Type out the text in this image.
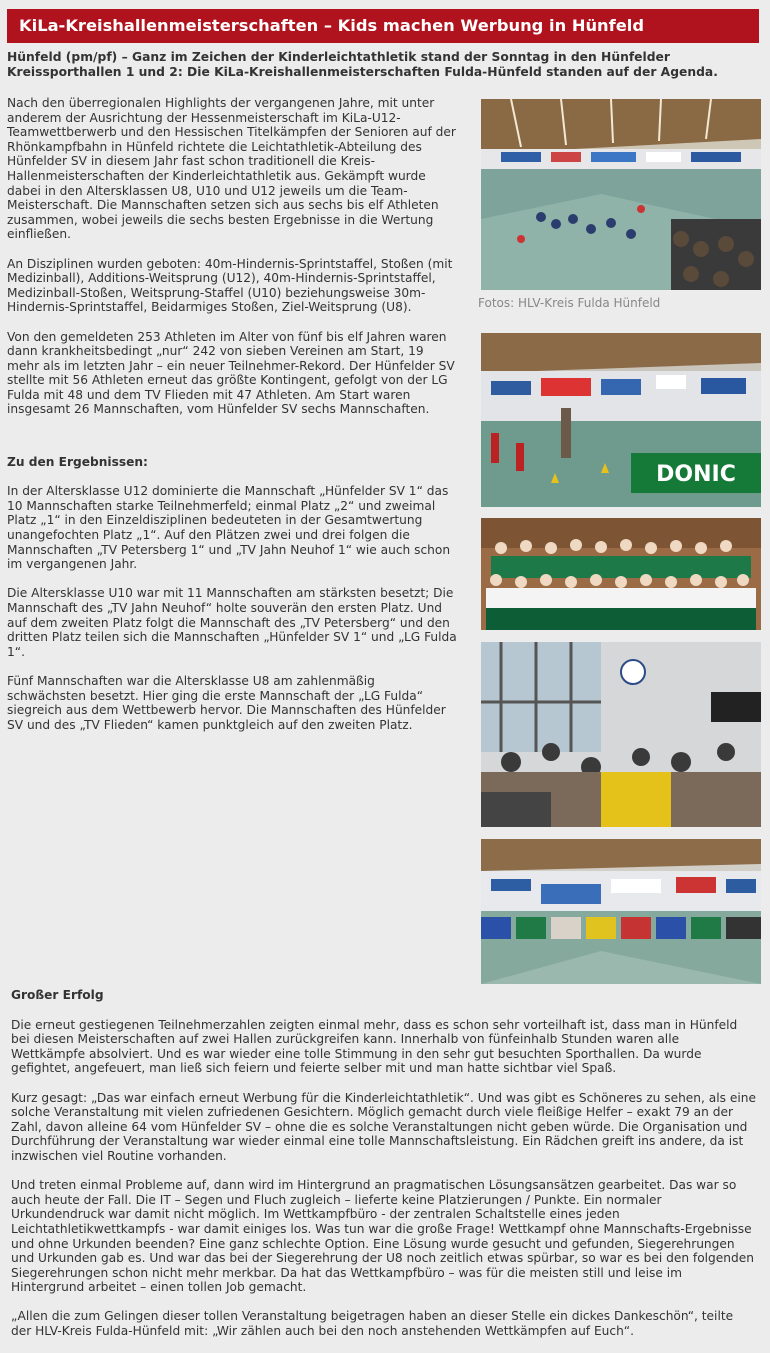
KiLa-Kreishallenmeisterschaften – Kids machen Werbung in Hünfeld
Hünfeld (pm/pf) – Ganz im Zeichen der Kinderleichtathletik stand der Sonntag in den Hünfelder Kreissporthallen 1 und 2: Die KiLa-Kreishallenmeisterschaften Fulda-Hünfeld standen auf der Agenda.

Nach den überregionalen Highlights der vergangenen Jahre, mit unter anderem der Ausrichtung der Hessenmeisterschaft im KiLa-U12-Teamwettberwerb und den Hessischen Titelkämpfen der Senioren auf der Rhönkampfbahn in Hünfeld richtete die Leichtathletik-Abteilung des Hünfelder SV in diesem Jahr fast schon traditionell die Kreis-Hallenmeisterschaften der Kinderleichtathletik aus. Gekämpft wurde dabei in den Altersklassen U8, U10 und U12 jeweils um die Team-Meisterschaft. Die Mannschaften setzen sich aus sechs bis elf Athleten zusammen, wobei jeweils die sechs besten Ergebnisse in die Wertung einfließen.

An Disziplinen wurden geboten: 40m-Hindernis-Sprintstaffel, Stoßen (mit Medizinball), Additions-Weitsprung (U12), 40m-Hindernis-Sprintstaffel, Medizinball-Stoßen, Weitsprung-Staffel (U10) beziehungsweise 30m-Hindernis-Sprintstaffel, Beidarmiges Stoßen, Ziel-Weitsprung (U8).

Von den gemeldeten 253 Athleten im Alter von fünf bis elf Jahren waren dann krankheitsbedingt „nur“ 242 von sieben Vereinen am Start, 19 mehr als im letzten Jahr – ein neuer Teilnehmer-Rekord. Der Hünfelder SV stellte mit 56 Athleten erneut das größte Kontingent, gefolgt von der LG Fulda mit 48 und dem TV Flieden mit 47 Athleten. Am Start waren insgesamt 26 Mannschaften, vom Hünfelder SV sechs Mannschaften.

Zu den Ergebnissen:

In der Altersklasse U12 dominierte die Mannschaft „Hünfelder SV 1“ das 10 Mannschaften starke Teilnehmerfeld; einmal Platz „2“ und zweimal Platz „1“ in den Einzeldisziplinen bedeuteten in der Gesamtwertung unangefochten Platz „1“. Auf den Plätzen zwei und drei folgen die Mannschaften „TV Petersberg 1“ und „TV Jahn Neuhof 1“ wie auch schon im vergangenen Jahr.

Die Altersklasse U10 war mit 11 Mannschaften am stärksten besetzt; Die Mannschaft des „TV Jahn Neuhof“ holte souverän den ersten Platz. Und auf dem zweiten Platz folgt die Mannschaft des „TV Petersberg“ und den dritten Platz teilen sich die Mannschaften „Hünfelder SV 1“ und „LG Fulda 1“.

Fünf Mannschaften war die Altersklasse U8 am zahlenmäßig schwächsten besetzt. Hier ging die erste Mannschaft der „LG Fulda“ siegreich aus dem Wettbewerb hervor. Die Mannschaften des Hünfelder SV und des „TV Flieden“ kamen punktgleich auf den zweiten Platz.

Fotos: HLV-Kreis Fulda Hünfeld
DONIC

Großer Erfolg

Die erneut gestiegenen Teilnehmerzahlen zeigten einmal mehr, dass es schon sehr vorteilhaft ist, dass man in Hünfeld bei diesen Meisterschaften auf zwei Hallen zurückgreifen kann. Innerhalb von fünfeinhalb Stunden waren alle Wettkämpfe absolviert. Und es war wieder eine tolle Stimmung in den sehr gut besuchten Sporthallen. Da wurde gefightet, angefeuert, man ließ sich feiern und feierte selber mit und man hatte sichtbar viel Spaß.

Kurz gesagt: „Das war einfach erneut Werbung für die Kinderleichtathletik“. Und was gibt es Schöneres zu sehen, als eine solche Veranstaltung mit vielen zufriedenen Gesichtern. Möglich gemacht durch viele fleißige Helfer – exakt 79 an der Zahl, davon alleine 64 vom Hünfelder SV – ohne die es solche Veranstaltungen nicht geben würde. Die Organisation und Durchführung der Veranstaltung war wieder einmal eine tolle Mannschaftsleistung. Ein Rädchen greift ins andere, da ist inzwischen viel Routine vorhanden.

Und treten einmal Probleme auf, dann wird im Hintergrund an pragmatischen Lösungsansätzen gearbeitet. Das war so auch heute der Fall. Die IT – Segen und Fluch zugleich – lieferte keine Platzierungen / Punkte. Ein normaler Urkundendruck war damit nicht möglich. Im Wettkampfbüro - der zentralen Schaltstelle eines jeden Leichtathletikwettkampfs - war damit einiges los. Was tun war die große Frage! Wettkampf ohne Mannschafts-Ergebnisse und ohne Urkunden beenden? Eine ganz schlechte Option. Eine Lösung wurde gesucht und gefunden, Siegerehrungen und Urkunden gab es. Und war das bei der Siegerehrung der U8 noch zeitlich etwas spürbar, so war es bei den folgenden Siegerehrungen schon nicht mehr merkbar. Da hat das Wettkampfbüro – was für die meisten still und leise im Hintergrund arbeitet – einen tollen Job gemacht.

„Allen die zum Gelingen dieser tollen Veranstaltung beigetragen haben an dieser Stelle ein dickes Dankeschön“, teilte der HLV-Kreis Fulda-Hünfeld mit: „Wir zählen auch bei den noch anstehenden Wettkämpfen auf Euch“.
